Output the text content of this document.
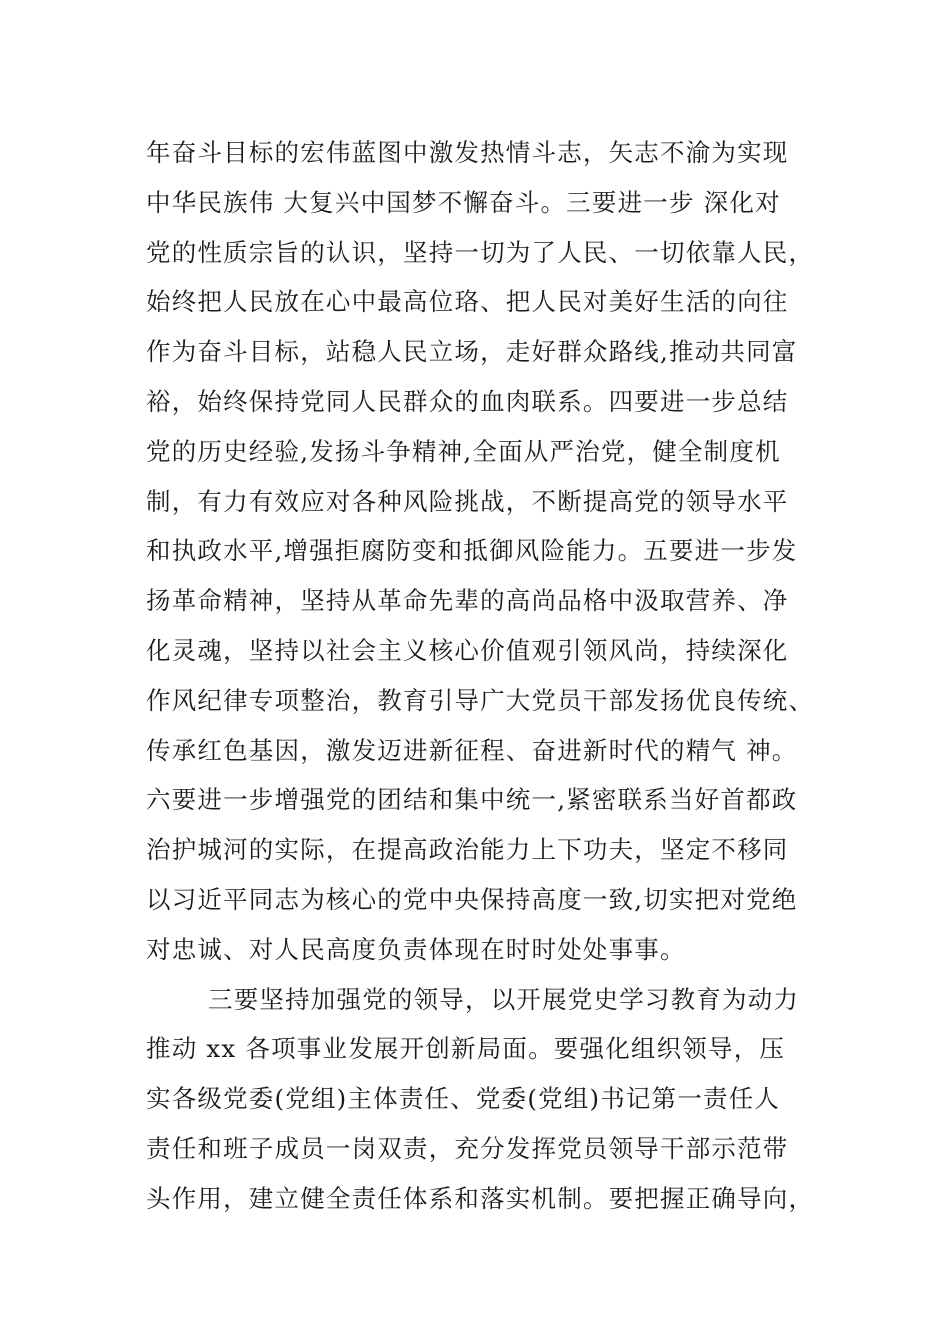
年奋斗目标的宏伟蓝图中激发热情斗志，矢志不渝为实现
中华民族伟 大复兴中国梦不懈奋斗。三要进一步 深化对
党的性质宗旨的认识，坚持一切为了人民、一切依靠人民，
始终把人民放在心中最高位珞、把人民对美好生活的向往
作为奋斗目标，站稳人民立场，走好群众路线,推动共同富
裕，始终保持党同人民群众的血肉联系。四要进一步总结
党的历史经验,发扬斗争精神,全面从严治党，健全制度机
制，有力有效应对各种风险挑战，不断提高党的领导水平
和执政水平,增强拒腐防变和抵御风险能力。五要进一步发
扬革命精神，坚持从革命先辈的高尚品格中汲取营养、净
化灵魂，坚持以社会主义核心价值观引领风尚，持续深化
作风纪律专项整治，教育引导广大党员干部发扬优良传统、
传承红色基因，激发迈进新征程、奋进新时代的精气 神。
六要进一步增强党的团结和集中统一,紧密联系当好首都政
治护城河的实际，在提高政治能力上下功夫，坚定不移同
以习近平同志为核心的党中央保持高度一致,切实把对党绝
对忠诚、对人民高度负责体现在时时处处事事。
三要坚持加强党的领导，以开展党史学习教育为动力
推动 xx 各项事业发展开创新局面。要强化组织领导，压
实各级党委(党组)主体责任、党委(党组)书记第一责任人
责任和班子成员一岗双责，充分发挥党员领导干部示范带
头作用，建立健全责任体系和落实机制。要把握正确导向，
